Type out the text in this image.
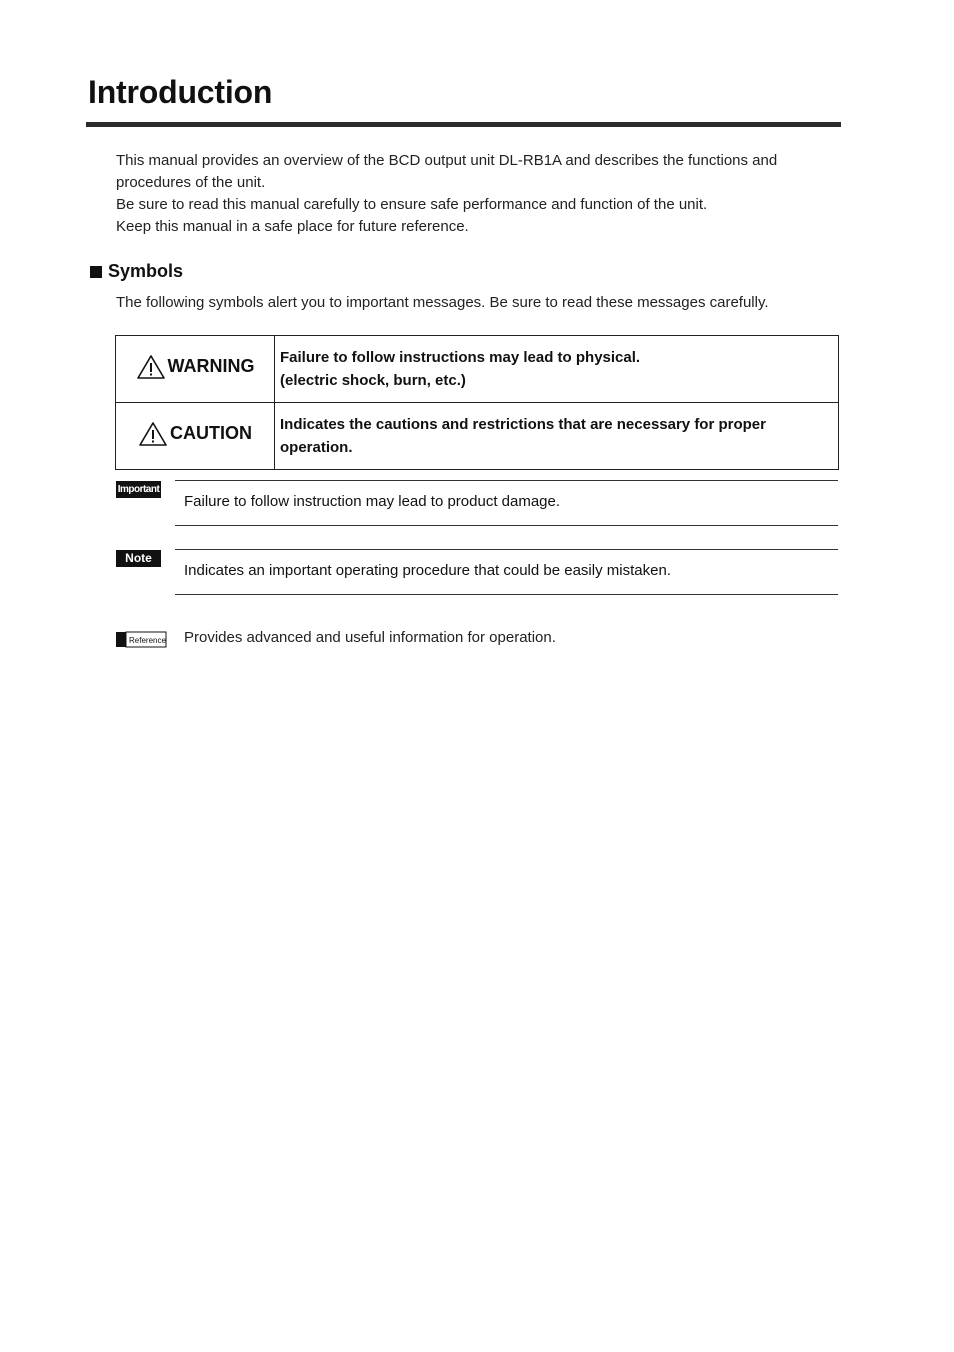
Introduction

This manual provides an overview of the BCD output unit DL-RB1A and describes the functions and procedures of the unit.

Be sure to read this manual carefully to ensure safe performance and function of the unit.

Keep this manual in a safe place for future reference.

Symbols

The following symbols alert you to important messages. Be sure to read these messages carefully.

WARNING	Failure to follow instructions may lead to physical.
(electric shock, burn, etc.)

CAUTION	Indicates the cautions and restrictions that are necessary for proper
operation.
Important
Failure to follow instruction may lead to product damage.
Note
Indicates an important operating procedure that could be easily mistaken.
Reference Provides advanced and useful information for operation.
